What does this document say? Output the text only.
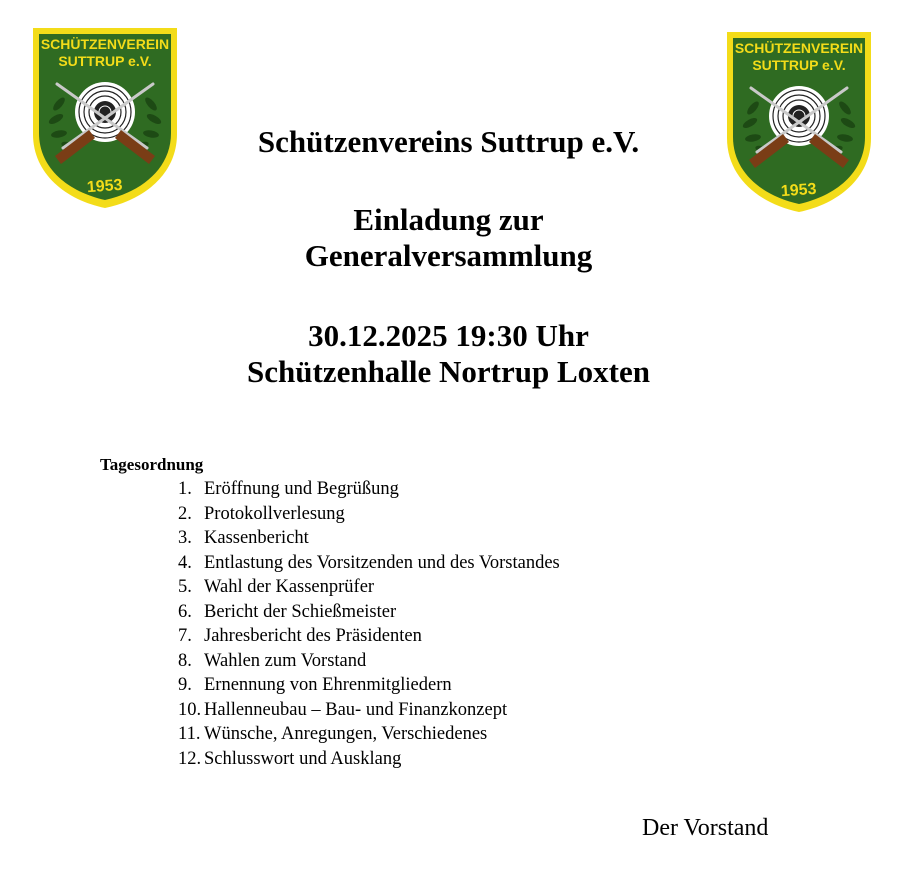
SCHÜTZENVEREIN
SUTTRUP e.V.
1953
SCHÜTZENVEREIN
SUTTRUP e.V.
1953
Schützenvereins Suttrup e.V.
Einladung zur
Generalversammlung
30.12.2025 19:30 Uhr
Schützenhalle Nortrup Loxten
Tagesordnung
1. Eröffnung und Begrüßung
2. Protokollverlesung
3. Kassenbericht
4. Entlastung des Vorsitzenden und des Vorstandes
5. Wahl der Kassenprüfer
6. Bericht der Schießmeister
7. Jahresbericht des Präsidenten
8. Wahlen zum Vorstand
9. Ernennung von Ehrenmitgliedern
10. Hallenneubau – Bau- und Finanzkonzept
11. Wünsche, Anregungen, Verschiedenes
12. Schlusswort und Ausklang
Der Vorstand
